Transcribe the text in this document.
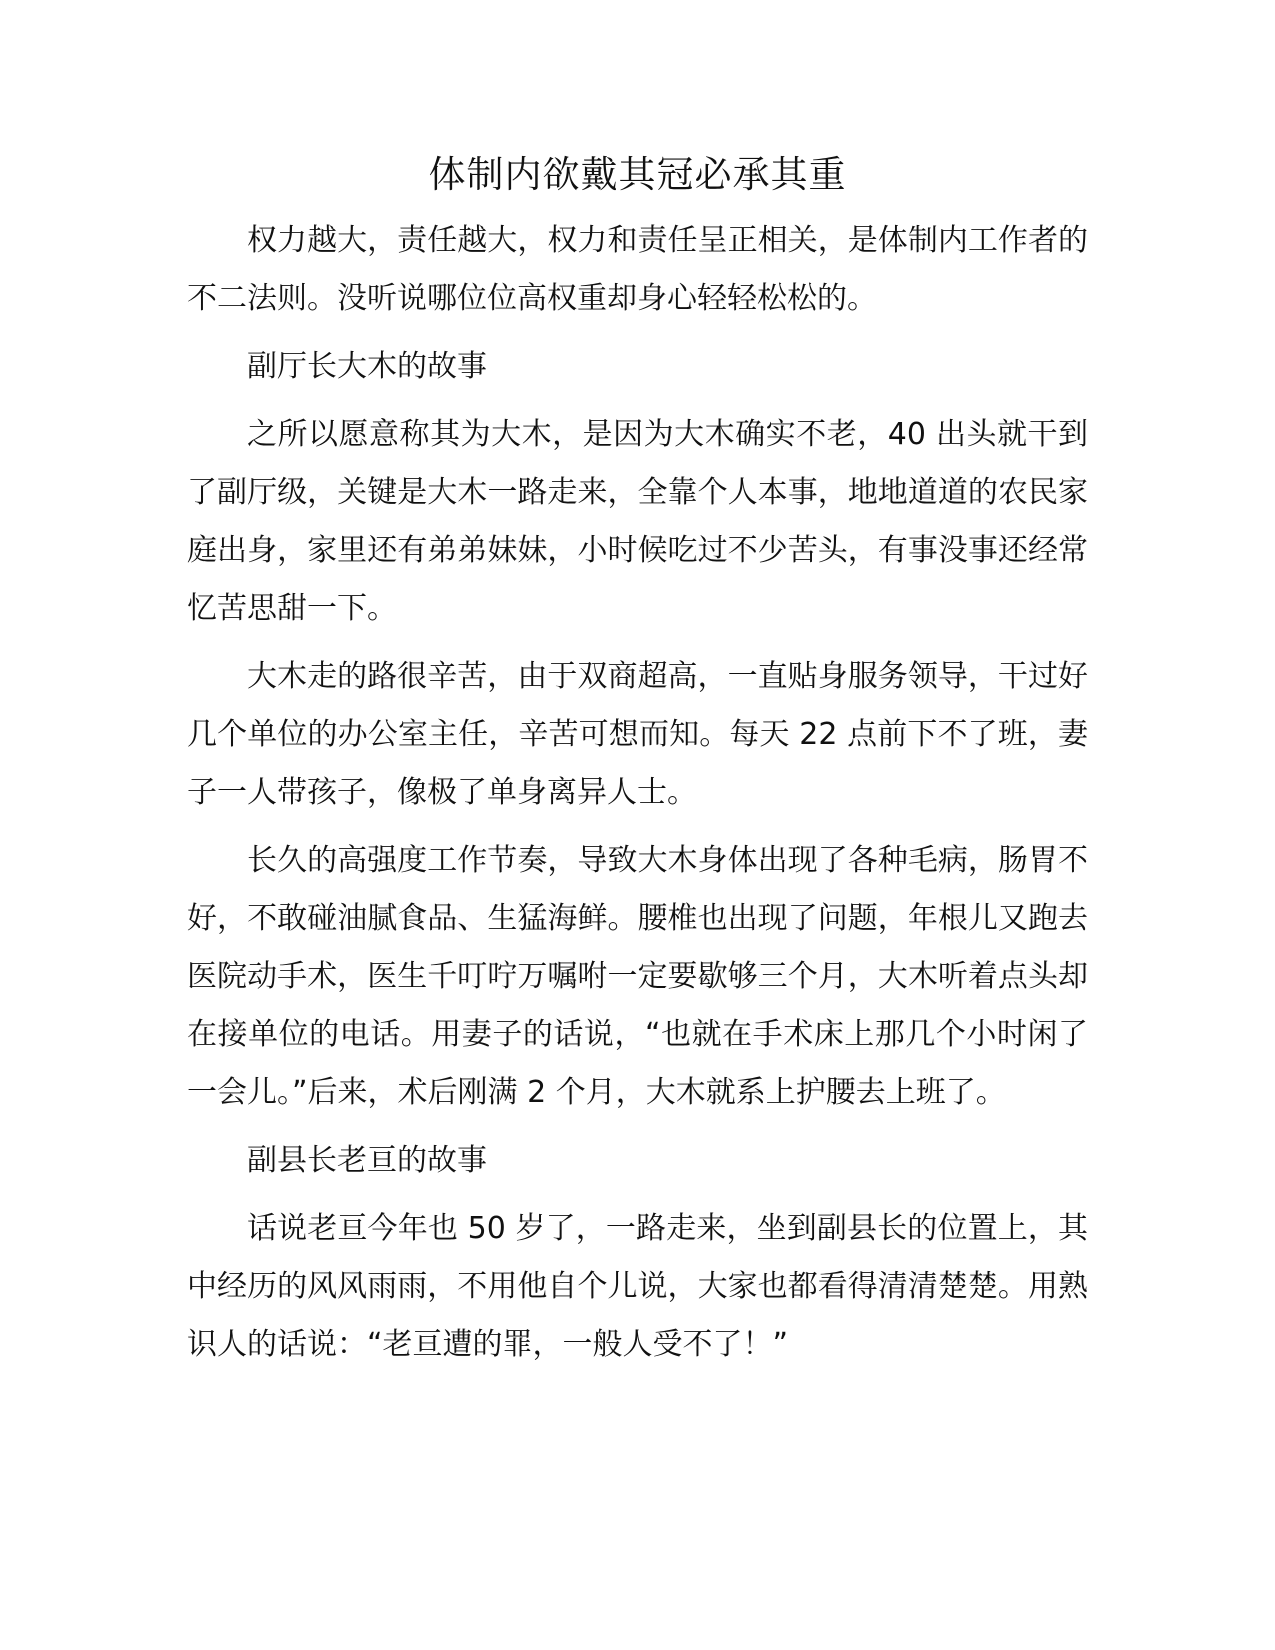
体制内欲戴其冠必承其重

权力越大，责任越大，权力和责任呈正相关，是体制内工作者的不二法则。没听说哪位位高权重却身心轻轻松松的。

副厅长大木的故事

之所以愿意称其为大木，是因为大木确实不老，40 出头就干到了副厅级，关键是大木一路走来，全靠个人本事，地地道道的农民家庭出身，家里还有弟弟妹妹，小时候吃过不少苦头，有事没事还经常忆苦思甜一下。

大木走的路很辛苦，由于双商超高，一直贴身服务领导，干过好几个单位的办公室主任，辛苦可想而知。每天 22 点前下不了班，妻子一人带孩子，像极了单身离异人士。

长久的高强度工作节奏，导致大木身体出现了各种毛病，肠胃不好，不敢碰油腻食品、生猛海鲜。腰椎也出现了问题，年根儿又跑去医院动手术，医生千叮咛万嘱咐一定要歇够三个月，大木听着点头却在接单位的电话。用妻子的话说，“也就在手术床上那几个小时闲了一会儿。”后来，术后刚满 2 个月，大木就系上护腰去上班了。

副县长老亘的故事

话说老亘今年也 50 岁了，一路走来，坐到副县长的位置上，其中经历的风风雨雨，不用他自个儿说，大家也都看得清清楚楚。用熟识人的话说：“老亘遭的罪，一般人受不了！”
